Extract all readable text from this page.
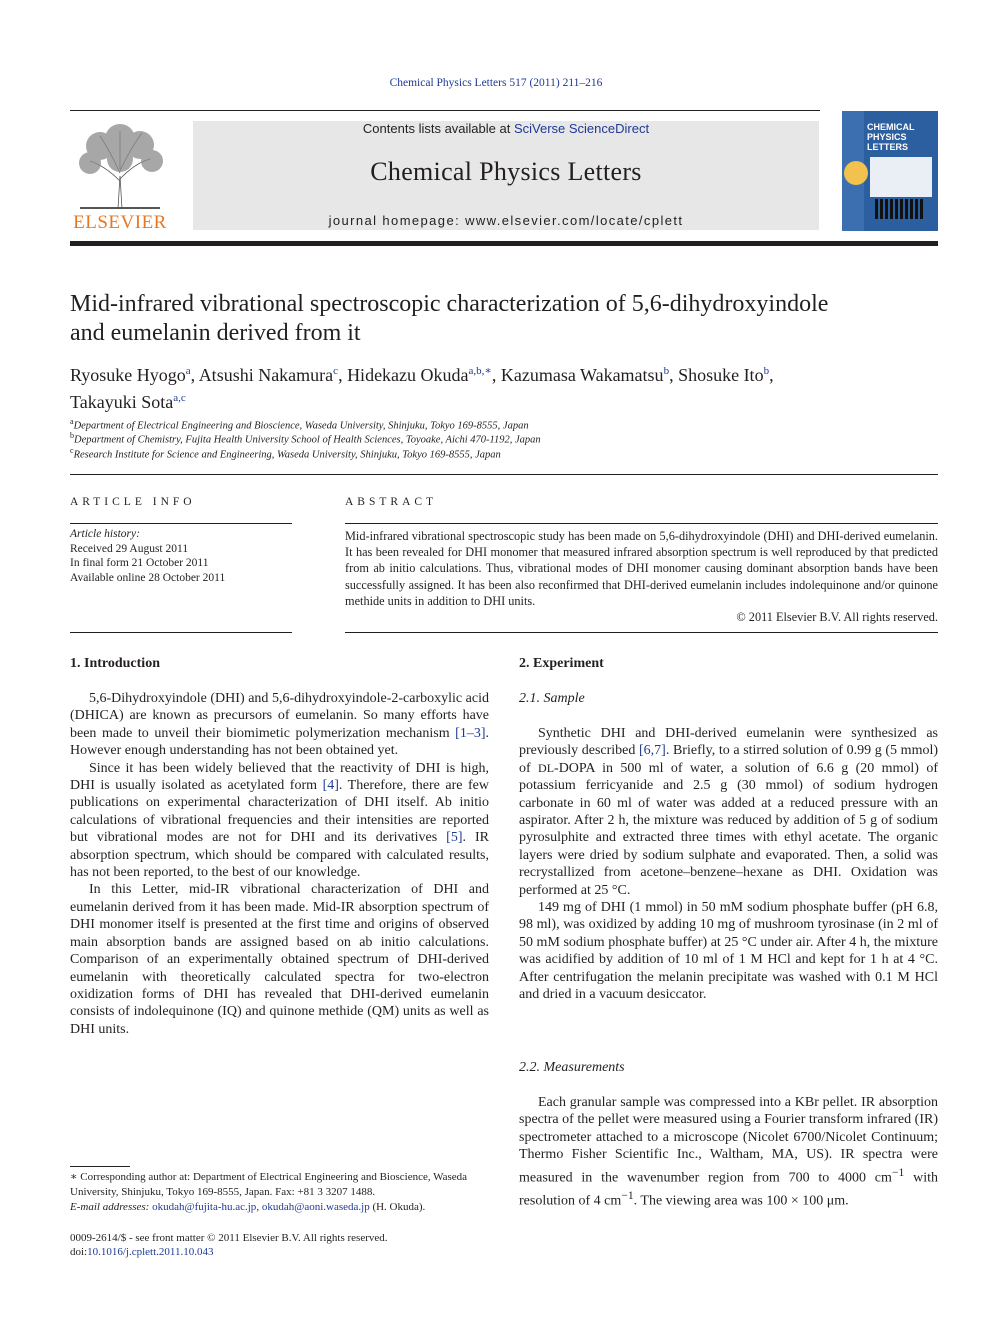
Chemical Physics Letters 517 (2011) 211–216
Contents lists available at SciVerse ScienceDirect
Chemical Physics Letters
journal homepage: www.elsevier.com/locate/cplett
ELSEVIER
CHEMICAL
PHYSICS
LETTERS
Mid-infrared vibrational spectroscopic characterization of 5,6-dihydroxyindole
and eumelanin derived from it
Ryosuke Hyogo$^a$, Atsushi Nakamura$^c$, Hidekazu Okuda$^{a,b,∗}$, Kazumasa Wakamatsu$^b$, Shosuke Ito$^b$,
Takayuki Sota$^{a,c}$
$^a$Department of Electrical Engineering and Bioscience, Waseda University, Shinjuku, Tokyo 169-8555, Japan
$^b$Department of Chemistry, Fujita Health University School of Health Sciences, Toyoake, Aichi 470-1192, Japan
$^c$Research Institute for Science and Engineering, Waseda University, Shinjuku, Tokyo 169-8555, Japan
ARTICLE INFO
Article history:
Received 29 August 2011
In final form 21 October 2011
Available online 28 October 2011
ABSTRACT
Mid-infrared vibrational spectroscopic study has been made on 5,6-dihydroxyindole (DHI) and DHI-derived eumelanin. It has been revealed for DHI monomer that measured infrared absorption spectrum is well reproduced by that predicted from ab initio calculations. Thus, vibrational modes of DHI monomer causing dominant absorption bands have been successfully assigned. It has been also reconfirmed that DHI-derived eumelanin includes indolequinone and/or quinone methide units in addition to DHI units.
© 2011 Elsevier B.V. All rights reserved.
1. Introduction

5,6-Dihydroxyindole (DHI) and 5,6-dihydroxyindole-2-carboxylic acid (DHICA) are known as precursors of eumelanin. So many efforts have been made to unveil their biomimetic polymerization mechanism [1–3]. However enough understanding has not been obtained yet.

Since it has been widely believed that the reactivity of DHI is high, DHI is usually isolated as acetylated form [4]. Therefore, there are few publications on experimental characterization of DHI itself. Ab initio calculations of vibrational frequencies and their intensities are reported but vibrational modes are not for DHI and its derivatives [5]. IR absorption spectrum, which should be compared with calculated results, has not been reported, to the best of our knowledge.

In this Letter, mid-IR vibrational characterization of DHI and eumelanin derived from it has been made. Mid-IR absorption spectrum of DHI monomer itself is presented at the first time and origins of observed main absorption bands are assigned based on ab initio calculations. Comparison of an experimentally obtained spectrum of DHI-derived eumelanin with theoretically calculated spectra for two-electron oxidization forms of DHI has revealed that DHI-derived eumelanin consists of indolequinone (IQ) and quinone methide (QM) units as well as DHI units.

∗ Corresponding author at: Department of Electrical Engineering and Bioscience, Waseda University, Shinjuku, Tokyo 169-8555, Japan. Fax: +81 3 3207 1488.
E-mail addresses: okudah@fujita-hu.ac.jp, okudah@aoni.waseda.jp (H. Okuda).
0009-2614/$ - see front matter © 2011 Elsevier B.V. All rights reserved.
doi:10.1016/j.cplett.2011.10.043
2. Experiment
2.1. Sample

Synthetic DHI and DHI-derived eumelanin were synthesized as previously described [6,7]. Briefly, to a stirred solution of 0.99 g (5 mmol) of DL-DOPA in 500 ml of water, a solution of 6.6 g (20 mmol) of potassium ferricyanide and 2.5 g (30 mmol) of sodium hydrogen carbonate in 60 ml of water was added at a reduced pressure with an aspirator. After 2 h, the mixture was reduced by addition of 5 g of sodium pyrosulphite and extracted three times with ethyl acetate. The organic layers were dried by sodium sulphate and evaporated. Then, a solid was recrystallized from acetone–benzene–hexane as DHI. Oxidation was performed at 25 °C.

149 mg of DHI (1 mmol) in 50 mM sodium phosphate buffer (pH 6.8, 98 ml), was oxidized by adding 10 mg of mushroom tyrosinase (in 2 ml of 50 mM sodium phosphate buffer) at 25 °C under air. After 4 h, the mixture was acidified by addition of 10 ml of 1 M HCl and kept for 1 h at 4 °C. After centrifugation the melanin precipitate was washed with 0.1 M HCl and dried in a vacuum desiccator.

2.2. Measurements

Each granular sample was compressed into a KBr pellet. IR absorption spectra of the pellet were measured using a Fourier transform infrared (IR) spectrometer attached to a microscope (Nicolet 6700/Nicolet Continuum; Thermo Fisher Scientific Inc., Waltham, MA, US). IR spectra were measured in the wavenumber region from 700 to 4000 $cm^{-1}$ with resolution of 4 $cm^{-1}$. The viewing area was 100 × 100 μm.
